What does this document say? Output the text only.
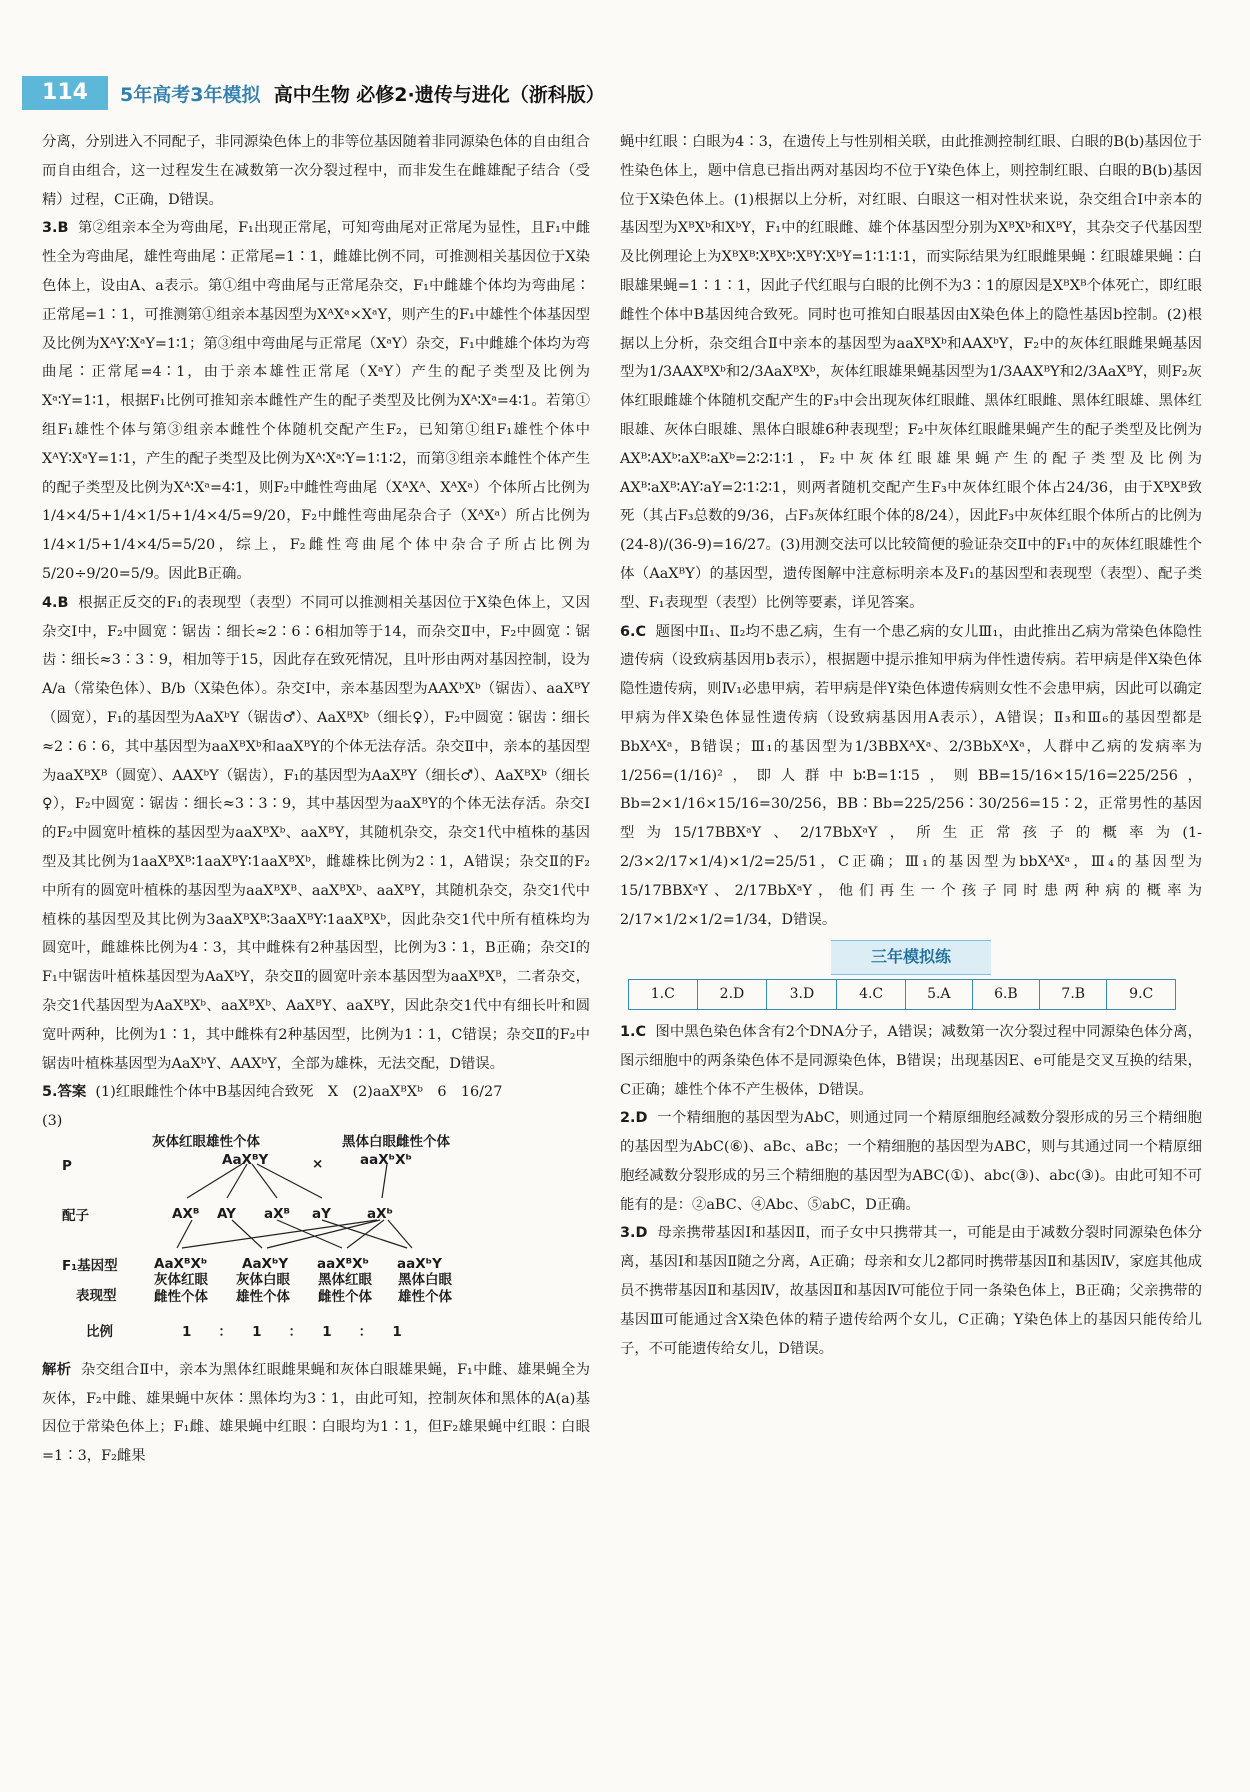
114	5年高考3年模拟 高中生物 必修2·遗传与进化（浙科版）

分离，分别进入不同配子，非同源染色体上的非等位基因随着非同源染色体的自由组合而自由组合，这一过程发生在减数第一次分裂过程中，而非发生在雌雄配子结合（受精）过程，C正确，D错误。

3.B 第②组亲本全为弯曲尾，F₁出现正常尾，可知弯曲尾对正常尾为显性，且F₁中雌性全为弯曲尾，雄性弯曲尾∶正常尾=1∶1，雌雄比例不同，可推测相关基因位于X染色体上，设由A、a表示。第①组中弯曲尾与正常尾杂交，F₁中雌雄个体均为弯曲尾∶正常尾=1∶1，可推测第①组亲本基因型为XᴬXᵃ×XᵃY，则产生的F₁中雄性个体基因型及比例为XᴬY∶XᵃY=1∶1；第③组中弯曲尾与正常尾（XᵃY）杂交，F₁中雌雄个体均为弯曲尾∶正常尾=4∶1，由于亲本雄性正常尾（XᵃY）产生的配子类型及比例为Xᵃ∶Y=1∶1，根据F₁比例可推知亲本雌性产生的配子类型及比例为Xᴬ∶Xᵃ=4∶1。若第①组F₁雄性个体与第③组亲本雌性个体随机交配产生F₂，已知第①组F₁雄性个体中XᴬY∶XᵃY=1∶1，产生的配子类型及比例为Xᴬ∶Xᵃ∶Y=1∶1∶2，而第③组亲本雌性个体产生的配子类型及比例为Xᴬ∶Xᵃ=4∶1，则F₂中雌性弯曲尾（XᴬXᴬ、XᴬXᵃ）个体所占比例为1/4×4/5+1/4×1/5+1/4×4/5=9/20，F₂中雌性弯曲尾杂合子（XᴬXᵃ）所占比例为1/4×1/5+1/4×4/5=5/20，综上，F₂雌性弯曲尾个体中杂合子所占比例为5/20÷9/20=5/9。因此B正确。

4.B 根据正反交的F₁的表现型（表型）不同可以推测相关基因位于X染色体上，又因杂交Ⅰ中，F₂中圆宽∶锯齿∶细长≈2∶6∶6相加等于14，而杂交Ⅱ中，F₂中圆宽∶锯齿∶细长≈3∶3∶9，相加等于15，因此存在致死情况，且叶形由两对基因控制，设为A/a（常染色体）、B/b（X染色体）。杂交Ⅰ中，亲本基因型为AAXᵇXᵇ（锯齿）、aaXᴮY（圆宽），F₁的基因型为AaXᵇY（锯齿♂）、AaXᴮXᵇ（细长♀），F₂中圆宽∶锯齿∶细长≈2∶6∶6，其中基因型为aaXᴮXᵇ和aaXᴮY的个体无法存活。杂交Ⅱ中，亲本的基因型为aaXᴮXᴮ（圆宽）、AAXᵇY（锯齿），F₁的基因型为AaXᴮY（细长♂）、AaXᴮXᵇ（细长♀），F₂中圆宽∶锯齿∶细长≈3∶3∶9，其中基因型为aaXᴮY的个体无法存活。杂交Ⅰ的F₂中圆宽叶植株的基因型为aaXᴮXᵇ、aaXᴮY，其随机杂交，杂交1代中植株的基因型及其比例为1aaXᴮXᴮ∶1aaXᴮY∶1aaXᴮXᵇ，雌雄株比例为2∶1，A错误；杂交Ⅱ的F₂中所有的圆宽叶植株的基因型为aaXᴮXᴮ、aaXᴮXᵇ、aaXᴮY，其随机杂交，杂交1代中植株的基因型及其比例为3aaXᴮXᴮ∶3aaXᴮY∶1aaXᴮXᵇ，因此杂交1代中所有植株均为圆宽叶，雌雄株比例为4∶3，其中雌株有2种基因型，比例为3∶1，B正确；杂交Ⅰ的F₁中锯齿叶植株基因型为AaXᵇY，杂交Ⅱ的圆宽叶亲本基因型为aaXᴮXᴮ，二者杂交，杂交1代基因型为AaXᴮXᵇ、aaXᴮXᵇ、AaXᴮY、aaXᴮY，因此杂交1代中有细长叶和圆宽叶两种，比例为1∶1，其中雌株有2种基因型，比例为1∶1，C错误；杂交Ⅱ的F₂中锯齿叶植株基因型为AaXᵇY、AAXᵇY，全部为雄株，无法交配，D错误。

5.答案 (1)红眼雌性个体中B基因纯合致死　X　(2)aaXᴮXᵇ　6　16/27

(3)

灰体红眼雄性个体	黑体白眼雌性个体
P	AaXᴮY	×	aaXᵇXᵇ
配子	AXᴮ AY aXᴮ aY	aXᵇ
F₁基因型	AaXᴮXᵇ	AaXᵇY aaXᴮXᵇ aaXᵇY
表现型
灰体红眼雌性个体
灰体白眼雄性个体
黑体红眼雌性个体
黑体白眼雄性个体
比例	1　　：　　1　　：　　1　　：　　1

解析 杂交组合Ⅱ中，亲本为黑体红眼雌果蝇和灰体白眼雄果蝇，F₁中雌、雄果蝇全为灰体，F₂中雌、雄果蝇中灰体∶黑体均为3∶1，由此可知，控制灰体和黑体的A(a)基因位于常染色体上；F₁雌、雄果蝇中红眼∶白眼均为1∶1，但F₂雄果蝇中红眼∶白眼=1∶3，F₂雌果

蝇中红眼∶白眼为4∶3，在遗传上与性别相关联，由此推测控制红眼、白眼的B(b)基因位于性染色体上，题中信息已指出两对基因均不位于Y染色体上，则控制红眼、白眼的B(b)基因位于X染色体上。(1)根据以上分析，对红眼、白眼这一相对性状来说，杂交组合Ⅰ中亲本的基因型为XᴮXᵇ和XᵇY，F₁中的红眼雌、雄个体基因型分别为XᴮXᵇ和XᴮY，其杂交子代基因型及比例理论上为XᴮXᴮ∶XᴮXᵇ∶XᴮY∶XᵇY=1∶1∶1∶1，而实际结果为红眼雌果蝇∶红眼雄果蝇∶白眼雄果蝇=1∶1∶1，因此子代红眼与白眼的比例不为3∶1的原因是XᴮXᴮ个体死亡，即红眼雌性个体中B基因纯合致死。同时也可推知白眼基因由X染色体上的隐性基因b控制。(2)根据以上分析，杂交组合Ⅱ中亲本的基因型为aaXᴮXᵇ和AAXᵇY，F₂中的灰体红眼雌果蝇基因型为1/3AAXᴮXᵇ和2/3AaXᴮXᵇ，灰体红眼雄果蝇基因型为1/3AAXᴮY和2/3AaXᴮY，则F₂灰体红眼雌雄个体随机交配产生的F₃中会出现灰体红眼雌、黑体红眼雌、黑体红眼雄、黑体红眼雄、灰体白眼雄、黑体白眼雄6种表现型；F₂中灰体红眼雌果蝇产生的配子类型及比例为AXᴮ∶AXᵇ∶aXᴮ∶aXᵇ=2∶2∶1∶1，F₂中灰体红眼雄果蝇产生的配子类型及比例为AXᴮ∶aXᴮ∶AY∶aY=2∶1∶2∶1，则两者随机交配产生F₃中灰体红眼个体占24/36，由于XᴮXᴮ致死（其占F₃总数的9/36，占F₃灰体红眼个体的8/24），因此F₃中灰体红眼个体所占的比例为(24-8)/(36-9)=16/27。(3)用测交法可以比较简便的验证杂交Ⅱ中的F₁中的灰体红眼雄性个体（AaXᴮY）的基因型，遗传图解中注意标明亲本及F₁的基因型和表现型（表型）、配子类型、F₁表现型（表型）比例等要素，详见答案。

6.C 题图中Ⅱ₁、Ⅱ₂均不患乙病，生有一个患乙病的女儿Ⅲ₁，由此推出乙病为常染色体隐性遗传病（设致病基因用b表示），根据题中提示推知甲病为伴性遗传病。若甲病是伴X染色体隐性遗传病，则Ⅳ₁必患甲病，若甲病是伴Y染色体遗传病则女性不会患甲病，因此可以确定甲病为伴X染色体显性遗传病（设致病基因用A表示），A错误；Ⅱ₃和Ⅲ₆的基因型都是BbXᴬXᵃ，B错误；Ⅲ₁的基因型为1/3BBXᴬXᵃ、2/3BbXᴬXᵃ，人群中乙病的发病率为1/256=(1/16)²，即人群中b∶B=1∶15，则BB=15/16×15/16=225/256，Bb=2×1/16×15/16=30/256，BB∶Bb=225/256∶30/256=15∶2，正常男性的基因型为15/17BBXᵃY、2/17BbXᵃY，所生正常孩子的概率为(1-2/3×2/17×1/4)×1/2=25/51，C正确；Ⅲ₁的基因型为bbXᴬXᵃ，Ⅲ₄的基因型为15/17BBXᵃY、2/17BbXᵃY，他们再生一个孩子同时患两种病的概率为2/17×1/2×1/2=1/34，D错误。

三年模拟练
1.C	2.D	3.D	4.C	5.A	6.B	7.B	9.C

1.C 图中黑色染色体含有2个DNA分子，A错误；减数第一次分裂过程中同源染色体分离，图示细胞中的两条染色体不是同源染色体，B错误；出现基因E、e可能是交叉互换的结果，C正确；雄性个体不产生极体，D错误。

2.D 一个精细胞的基因型为AbC，则通过同一个精原细胞经减数分裂形成的另三个精细胞的基因型为AbC(⑥)、aBc、aBc；一个精细胞的基因型为ABC，则与其通过同一个精原细胞经减数分裂形成的另三个精细胞的基因型为ABC(①)、abc(③)、abc(③)。由此可知不可能有的是：②aBC、④Abc、⑤abC，D正确。

3.D 母亲携带基因Ⅰ和基因Ⅱ，而子女中只携带其一，可能是由于减数分裂时同源染色体分离，基因Ⅰ和基因Ⅱ随之分离，A正确；母亲和女儿2都同时携带基因Ⅱ和基因Ⅳ，家庭其他成员不携带基因Ⅱ和基因Ⅳ，故基因Ⅱ和基因Ⅳ可能位于同一条染色体上，B正确；父亲携带的基因Ⅲ可能通过含X染色体的精子遗传给两个女儿，C正确；Y染色体上的基因只能传给儿子，不可能遗传给女儿，D错误。
